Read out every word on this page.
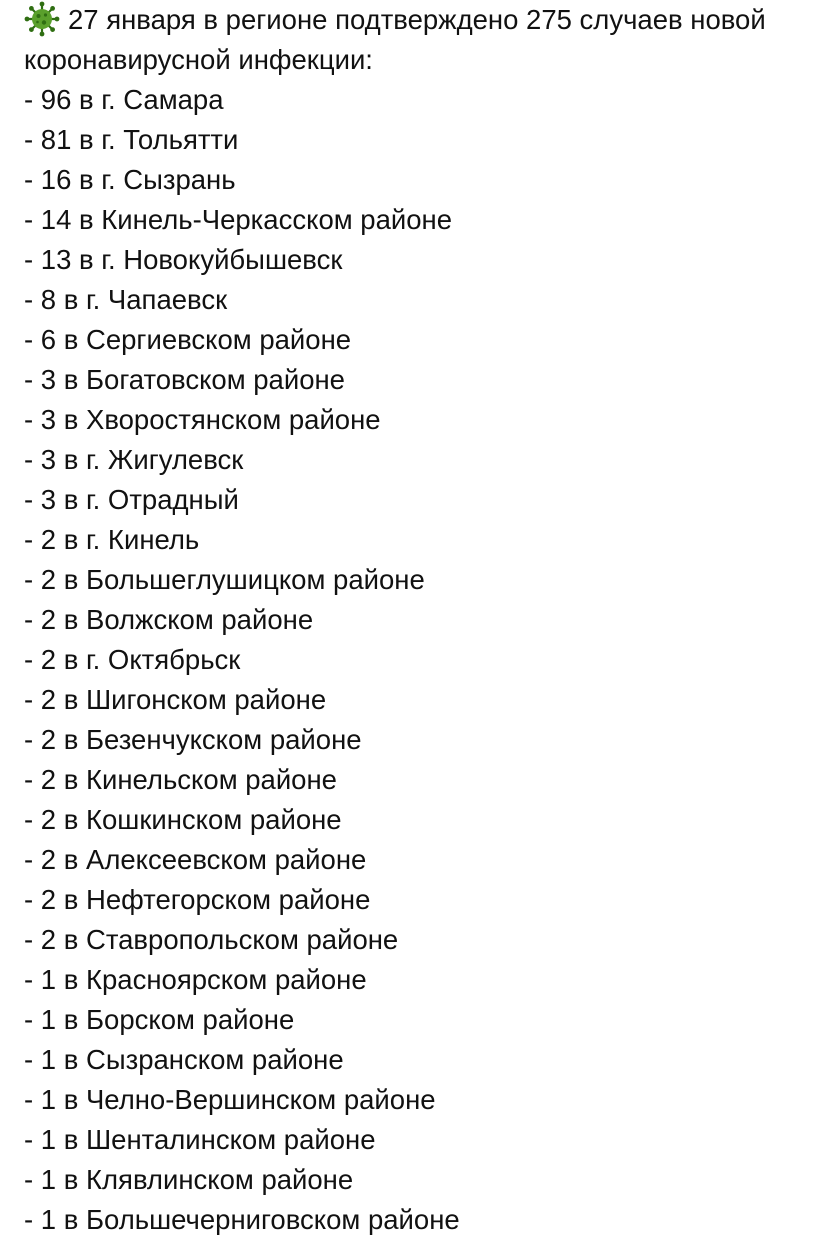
27 января в регионе подтверждено 275 случаев новой коронавирусной инфекции:

- 96 в г. Самара
- 81 в г. Тольятти
- 16 в г. Сызрань
- 14 в Кинель-Черкасском районе
- 13 в г. Новокуйбышевск
- 8 в г. Чапаевск
- 6 в Сергиевском районе
- 3 в Богатовском районе
- 3 в Хворостянском районе
- 3 в г. Жигулевск
- 3 в г. Отрадный
- 2 в г. Кинель
- 2 в Большеглушицком районе
- 2 в Волжском районе
- 2 в г. Октябрьск
- 2 в Шигонском районе
- 2 в Безенчукском районе
- 2 в Кинельском районе
- 2 в Кошкинском районе
- 2 в Алексеевском районе
- 2 в Нефтегорском районе
- 2 в Ставропольском районе
- 1 в Красноярском районе
- 1 в Борском районе
- 1 в Сызранском районе
- 1 в Челно-Вершинском районе
- 1 в Шенталинском районе
- 1 в Клявлинском районе
- 1 в Большечерниговском районе
